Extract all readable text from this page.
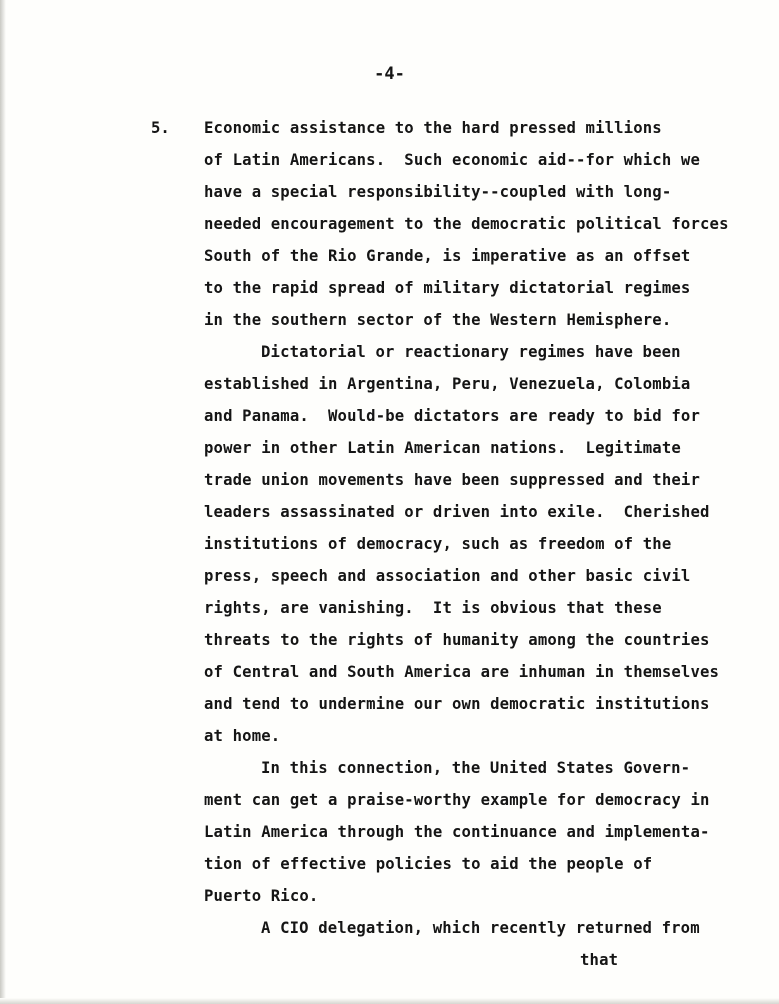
-4-
5. Economic assistance to the hard pressed millions
of Latin Americans.  Such economic aid--for which we
have a special responsibility--coupled with long-
needed encouragement to the democratic political forces
South of the Rio Grande, is imperative as an offset
to the rapid spread of military dictatorial regimes
in the southern sector of the Western Hemisphere.
Dictatorial or reactionary regimes have been
established in Argentina, Peru, Venezuela, Colombia
and Panama.  Would-be dictators are ready to bid for
power in other Latin American nations.  Legitimate
trade union movements have been suppressed and their
leaders assassinated or driven into exile.  Cherished
institutions of democracy, such as freedom of the
press, speech and association and other basic civil
rights, are vanishing.  It is obvious that these
threats to the rights of humanity among the countries
of Central and South America are inhuman in themselves
and tend to undermine our own democratic institutions
at home.
In this connection, the United States Govern-
ment can get a praise-worthy example for democracy in
Latin America through the continuance and implementa-
tion of effective policies to aid the people of
Puerto Rico.
A CIO delegation, which recently returned from
that
